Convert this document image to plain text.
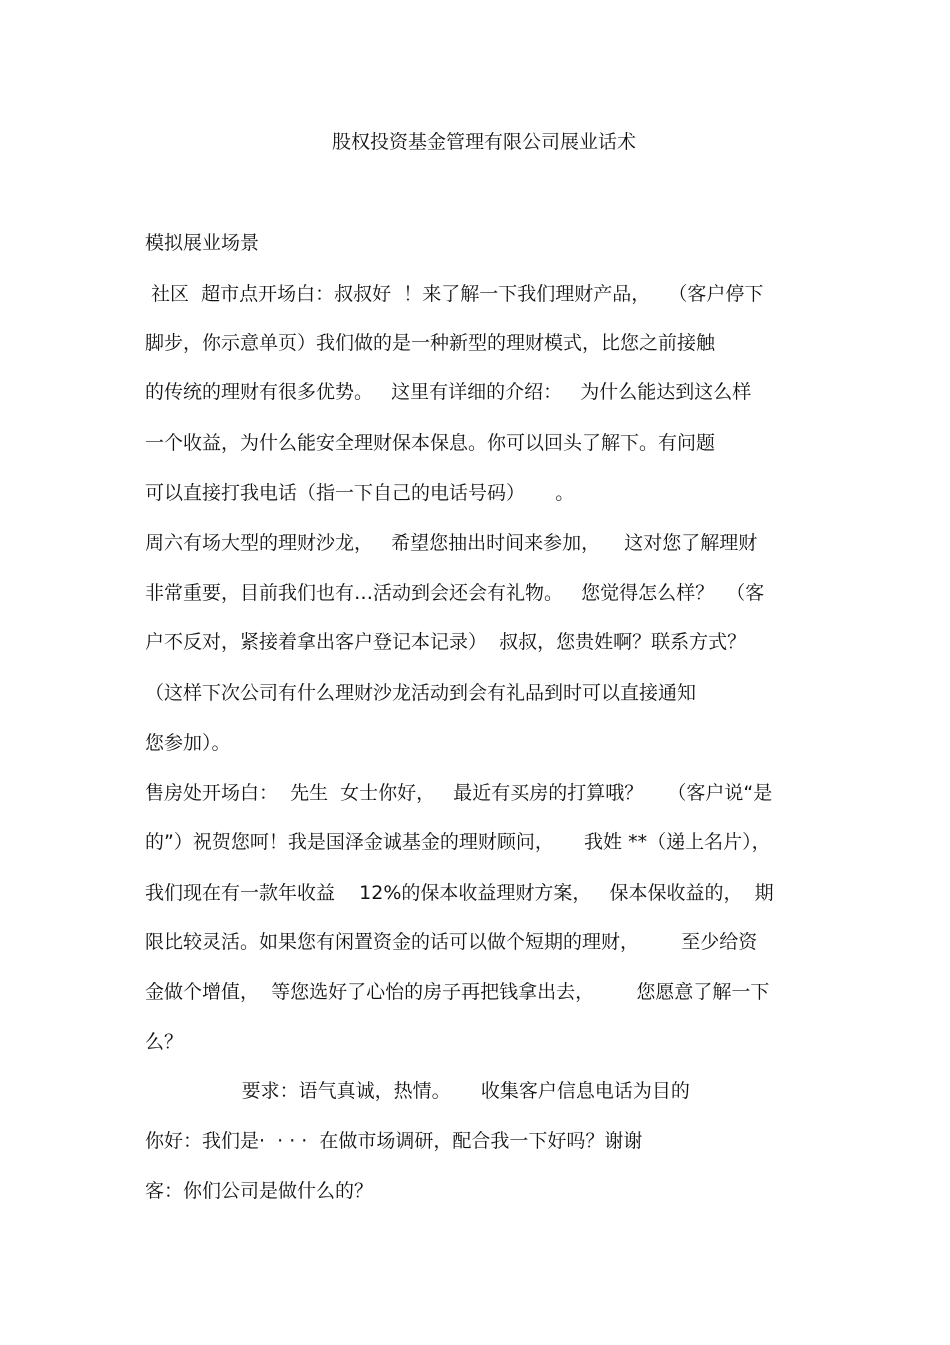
股权投资基金管理有限公司展业话术
模拟展业场景
社区  超市点开场白：叔叔好  ！来了解一下我们理财产品，   （客户停下
脚步，你示意单页）我们做的是一种新型的理财模式，比您之前接触
的传统的理财有很多优势。   这里有详细的介绍：   为什么能达到这么样
一个收益，为什么能安全理财保本保息。你可以回头了解下。有问题
可以直接打我电话（指一下自己的电话号码）     。
周六有场大型的理财沙龙，   希望您抽出时间来参加，    这对您了解理财
非常重要，目前我们也有…活动到会还会有礼物。   您觉得怎么样？  （客
户不反对，紧接着拿出客户登记本记录）  叔叔，您贵姓啊？联系方式？
（这样下次公司有什么理财沙龙活动到会有礼品到时可以直接通知
您参加）。
售房处开场白：  先生  女士你好，   最近有买房的打算哦？    （客户说“是
的”）祝贺您呵！我是国泽金诚基金的理财顾问，     我姓 **（递上名片），
我们现在有一款年收益    12%的保本收益理财方案，   保本保收益的，  期
限比较灵活。如果您有闲置资金的话可以做个短期的理财，       至少给资
金做个增值，  等您选好了心怡的房子再把钱拿出去，       您愿意了解一下
么？
要求：语气真诚，热情。     收集客户信息电话为目的
你好：我们是·  · · ·  在做市场调研，配合我一下好吗？谢谢
客：你们公司是做什么的？
